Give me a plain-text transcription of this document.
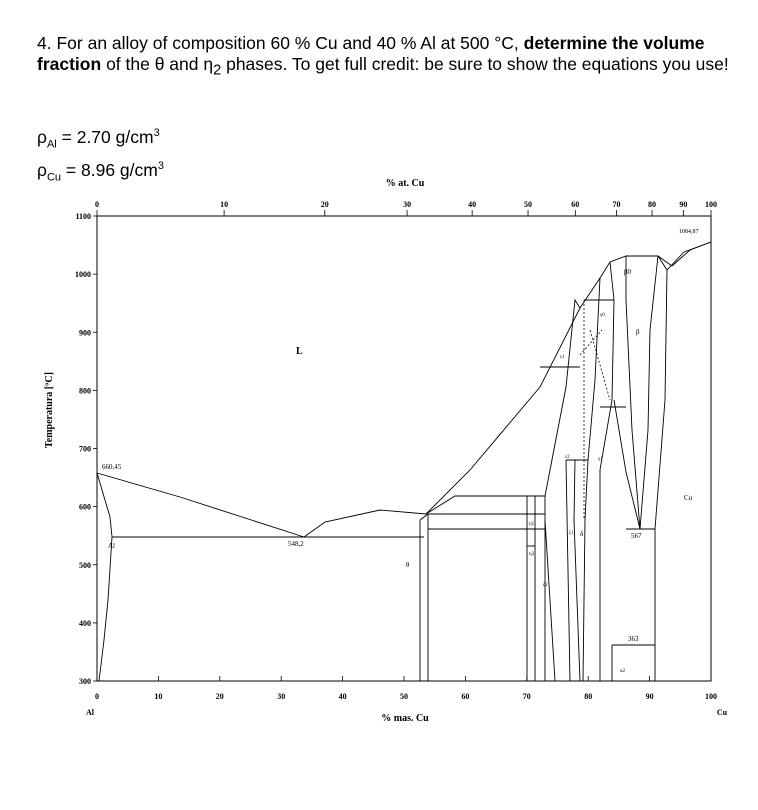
4. For an alloy of composition 60 % Cu and 40 % Al at 500 °C, determine the volume fraction of the θ and $\eta_2$ phases. To get full credit: be sure to show the equations you use!
$\rho_{Al} = 2.70$ $g/cm^3$
$\rho_{Cu} = 8.96$ $g/cm^3$
% at. Cu
% mas. Cu
Temperatura [ºC]
Al	Cu
0	10	20	30	40	50	60	70	80	90	100
0	10	20	30	40	50	60	70	80	90 100
300
400
500
600
700
800
900
1000
1100
L
Al
Cu
θ
η1
η2
ζ1
ζ2
δ
ε1
ε2
γ0
γ1
β0
β
α2
660,45
548,2
1084,87
567
363
